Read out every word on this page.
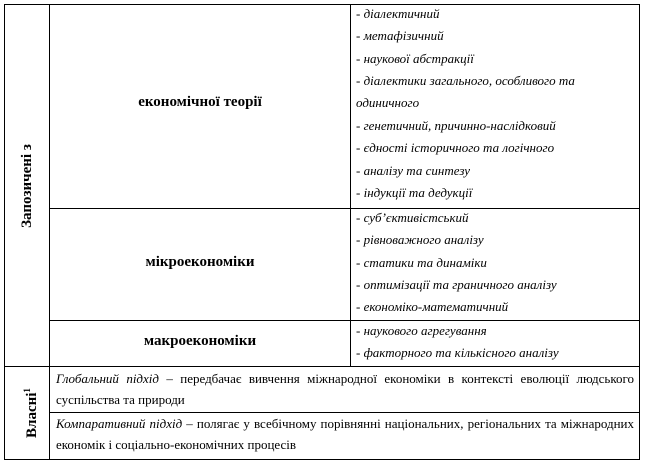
Запозичені з
Власні$^1$
економічної теорії
мікроекономіки
макроекономіки
- діалектичний
- метафізичний
- наукової абстракції
- діалектики загального, особливого та
одиничного
- генетичний, причинно-наслідковий
- єдності історичного та логічного
- аналізу та синтезу
- індукції та дедукції
- суб’єктивістський
- рівноважного аналізу
- статики та динаміки
- оптимізації та граничного аналізу
- економіко-математичний
- наукового агрегування
- факторного та кількісного аналізу
Глобальний підхід – передбачає вивчення міжнародної економіки в контексті еволюції людського суспільства та природи
Компаративний підхід – полягає у всебічному порівнянні національних, регіональних та міжнародних економік і соціально-економічних процесів
